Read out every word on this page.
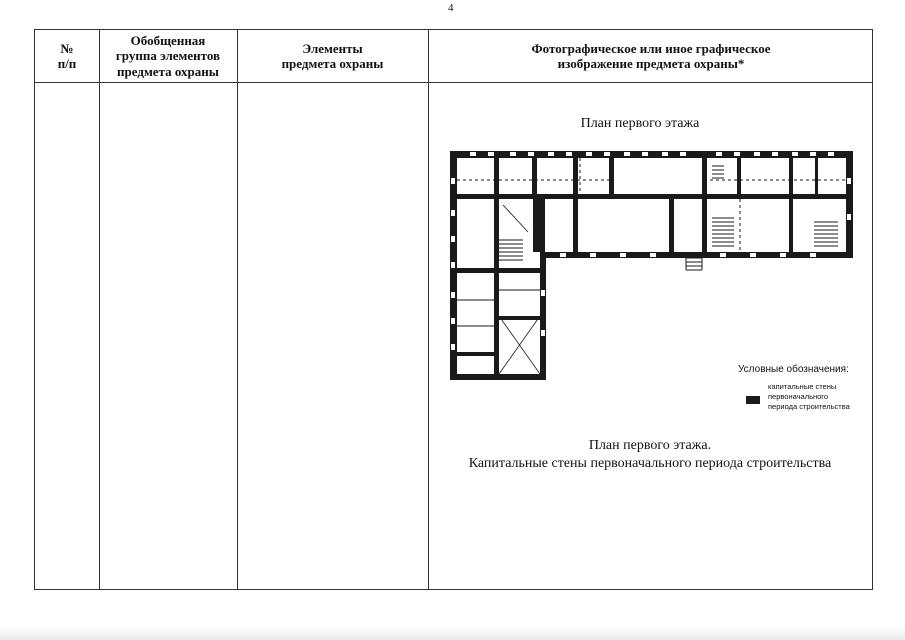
4
№
п/п
Обобщенная
группа элементов
предмета охраны
Элементы
предмета охраны
Фотографическое или иное графическое
изображение предмета охраны*
План первого этажа
Условные обозначения:
капитальные стены
первоначального
периода строительства
План первого этажа.
Капитальные стены первоначального периода строительства
